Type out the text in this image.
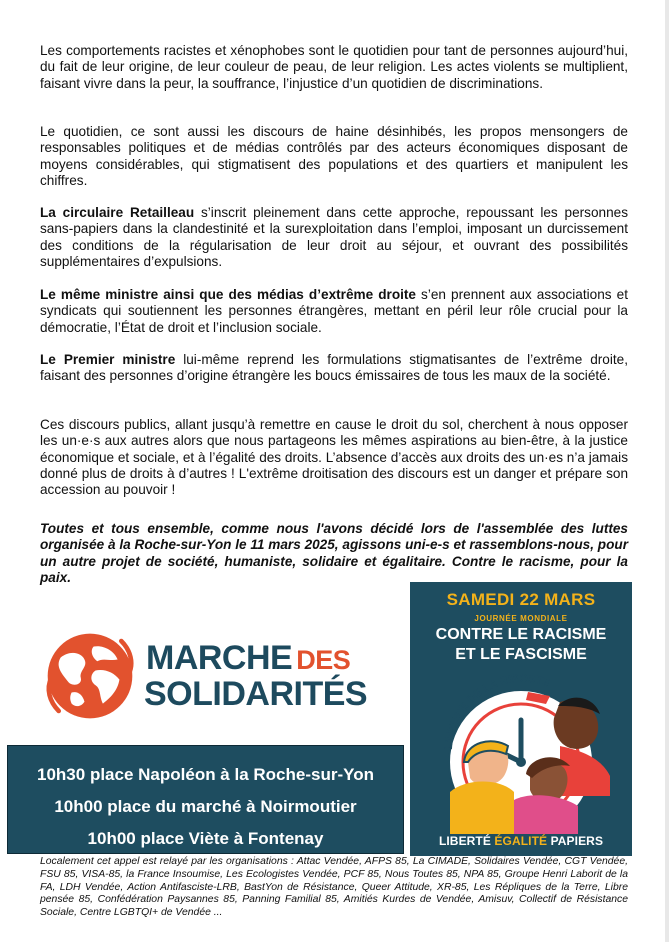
Les comportements racistes et xénophobes sont le quotidien pour tant de personnes aujourd’hui, du fait de leur origine, de leur couleur de peau, de leur religion. Les actes violents se multiplient, faisant vivre dans la peur, la souffrance, l’injustice d’un quotidien de discriminations.

Le quotidien, ce sont aussi les discours de haine désinhibés, les propos mensongers de responsables politiques et de médias contrôlés par des acteurs économiques disposant de moyens considérables, qui stigmatisent des populations et des quartiers et manipulent les chiffres.

La circulaire Retailleau s’inscrit pleinement dans cette approche, repoussant les personnes sans-papiers dans la clandestinité et la surexploitation dans l’emploi, imposant un durcissement des conditions de la régularisation de leur droit au séjour, et ouvrant des possibilités supplémentaires d’expulsions.

Le même ministre ainsi que des médias d’extrême droite s’en prennent aux associations et syndicats qui soutiennent les personnes étrangères, mettant en péril leur rôle crucial pour la démocratie, l’État de droit et l’inclusion sociale.

Le Premier ministre lui-même reprend les formulations stigmatisantes de l’extrême droite, faisant des personnes d’origine étrangère les boucs émissaires de tous les maux de la société.

Ces discours publics, allant jusqu’à remettre en cause le droit du sol, cherchent à nous opposer les un·e·s aux autres alors que nous partageons les mêmes aspirations au bien-être, à la justice économique et sociale, et à l’égalité des droits. L’absence d’accès aux droits des un·es n’a jamais donné plus de droits à d’autres ! L'extrême droitisation des discours est un danger et prépare son accession au pouvoir !

Toutes et tous ensemble, comme nous l'avons décidé lors de l'assemblée des luttes organisée à la Roche-sur-Yon le 11 mars 2025, agissons uni-e-s et rassemblons-nous, pour un autre projet de société, humaniste, solidaire et égalitaire. Contre le racisme, pour la paix.

MARCHE DES
SOLIDARITÉS
SAMEDI 22 MARS
JOURNÉE MONDIALE
CONTRE LE RACISME
ET LE FASCISME
L'HEURE DE LA RIPOSTE
LIBERTÉ ÉGALITÉ PAPIERS
10h30 place Napoléon à la Roche-sur-Yon
10h00 place du marché à Noirmoutier
10h00 place Viète à Fontenay

Localement cet appel est relayé par les organisations : Attac Vendée, AFPS 85, La CIMADE, Solidaires Vendée, CGT Vendée, FSU 85, VISA-85, la France Insoumise, Les Ecologistes Vendée, PCF 85, Nous Toutes 85, NPA 85, Groupe Henri Laborit de la FA, LDH Vendée, Action Antifasciste-LRB, BastYon de Résistance, Queer Attitude, XR-85, Les Répliques de la Terre, Libre pensée 85, Confédération Paysannes 85, Panning Familial 85, Amitiés Kurdes de Vendée, Amisuv, Collectif de Résistance Sociale, Centre LGBTQI+ de Vendée ...
